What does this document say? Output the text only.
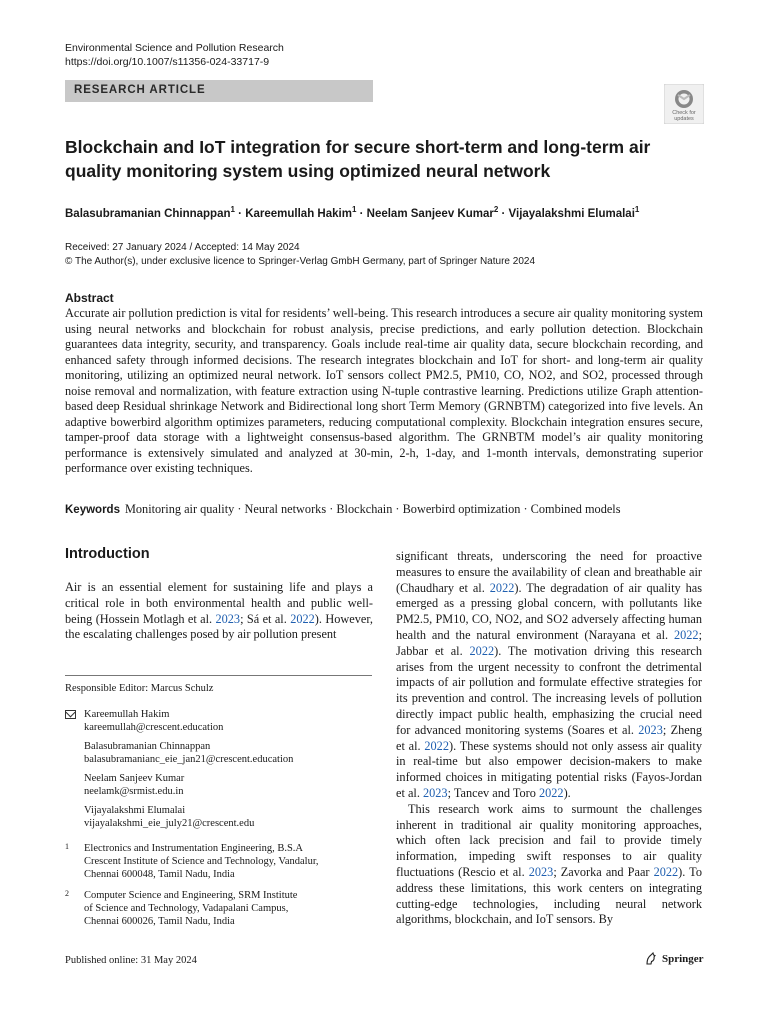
Environmental Science and Pollution Research
https://doi.org/10.1007/s11356-024-33717-9
RESEARCH ARTICLE
Check for
updates
Blockchain and IoT integration for secure short-term and long-term air quality monitoring system using optimized neural network
Balasubramanian Chinnappan$^1$ · Kareemullah Hakim$^1$ · Neelam Sanjeev Kumar$^2$ · Vijayalakshmi Elumalai$^1$
Received: 27 January 2024 / Accepted: 14 May 2024
© The Author(s), under exclusive licence to Springer-Verlag GmbH Germany, part of Springer Nature 2024
Abstract
Accurate air pollution prediction is vital for residents’ well-being. This research introduces a secure air quality monitoring system using neural networks and blockchain for robust analysis, precise predictions, and early pollution detection. Blockchain guarantees data integrity, security, and transparency. Goals include real-time air quality data, secure blockchain recording, and enhanced safety through informed decisions. The research integrates blockchain and IoT for short- and long-term air quality monitoring, utilizing an optimized neural network. IoT sensors collect PM2.5, PM10, CO, NO2, and SO2, processed through noise removal and normalization, with feature extraction using N-tuple contrastive learning. Predictions utilize Graph attention-based deep Residual shrinkage Network and Bidirectional long short Term Memory (GRNBTM) categorized into five levels. An adaptive bowerbird algorithm optimizes parameters, reducing computational complexity. Blockchain integration ensures secure, tamper-proof data storage with a lightweight consensus-based algorithm. The GRNBTM model’s air quality monitoring performance is extensively simulated and analyzed at 30-min, 2-h, 1-day, and 1-month intervals, demonstrating superior performance over existing techniques.
Keywords Monitoring air quality · Neural networks · Blockchain · Bowerbird optimization · Combined models
Introduction
Air is an essential element for sustaining life and plays a critical role in both environmental health and public well-being (Hossein Motlagh et al. 2023; Sá et al. 2022). However, the escalating challenges posed by air pollution present

significant threats, underscoring the need for proactive measures to ensure the availability of clean and breathable air (Chaudhary et al. 2022). The degradation of air quality has emerged as a pressing global concern, with pollutants like PM2.5, PM10, CO, NO2, and SO2 adversely affecting human health and the natural environment (Narayana et al. 2022; Jabbar et al. 2022). The motivation driving this research arises from the urgent necessity to confront the detrimental impacts of air pollution and formulate effective strategies for its prevention and control. The increasing levels of pollution directly impact public health, emphasizing the crucial need for advanced monitoring systems (Soares et al. 2023; Zheng et al. 2022). These systems should not only assess air quality in real-time but also empower decision-makers to make informed choices in mitigating potential risks (Fayos-Jordan et al. 2023; Tancev and Toro 2022).

This research work aims to surmount the challenges inherent in traditional air quality monitoring approaches, which often lack precision and fail to provide timely information, impeding swift responses to air quality fluctuations (Rescio et al. 2023; Zavorka and Paar 2022). To address these limitations, this work centers on integrating cutting-edge technologies, including neural network algorithms, blockchain, and IoT sensors. By

Responsible Editor: Marcus Schulz
Kareemullah Hakim
kareemullah@crescent.education
Balasubramanian Chinnappan
balasubramanianc_eie_jan21@crescent.education
Neelam Sanjeev Kumar
neelamk@srmist.edu.in
Vijayalakshmi Elumalai
vijayalakshmi_eie_july21@crescent.edu
1 Electronics and Instrumentation Engineering, B.S.A
Crescent Institute of Science and Technology, Vandalur,
Chennai 600048, Tamil Nadu, India
2 Computer Science and Engineering, SRM Institute
of Science and Technology, Vadapalani Campus,
Chennai 600026, Tamil Nadu, India
Published online: 31 May 2024	Springer
